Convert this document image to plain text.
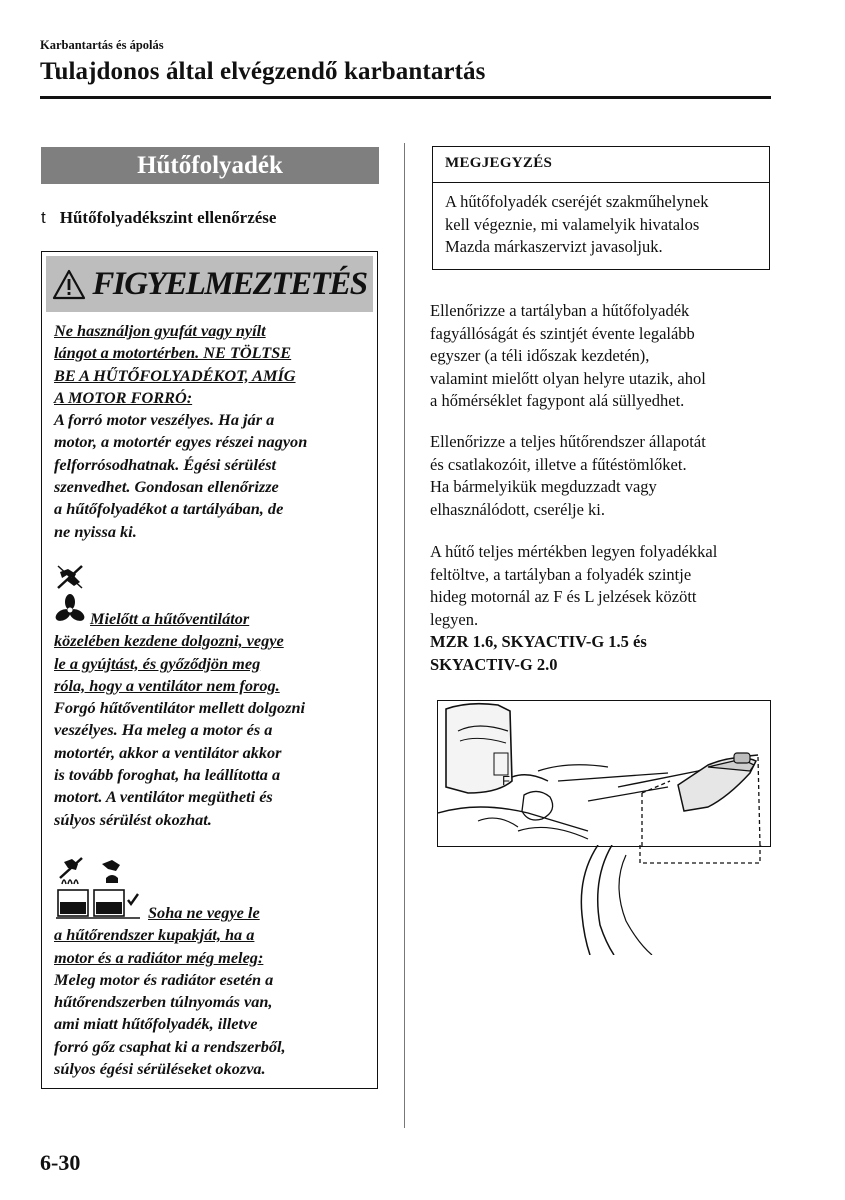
Karbantartás és ápolás
Tulajdonos által elvégzendő karbantartás
Hűtőfolyadék
t Hűtőfolyadékszint ellenőrzése
FIGYELMEZTETÉS
Ne használjon gyufát vagy nyílt
lángot a motortérben. NE TÖLTSE
BE A HŰTŐFOLYADÉKOT, AMÍG
A MOTOR FORRÓ:
A forró motor veszélyes. Ha jár a
motor, a motortér egyes részei nagyon
felforrósodhatnak. Égési sérülést
szenvedhet. Gondosan ellenőrizze
a hűtőfolyadékot a tartályában, de
ne nyissa ki.
Mielőtt a hűtőventilátor
közelében kezdene dolgozni, vegye
le a gyújtást, és győződjön meg
róla, hogy a ventilátor nem forog.
Forgó hűtőventilátor mellett dolgozni
veszélyes. Ha meleg a motor és a
motortér, akkor a ventilátor akkor
is tovább foroghat, ha leállította a
motort. A ventilátor megütheti és
súlyos sérülést okozhat.
Soha ne vegye le
a hűtőrendszer kupakját, ha a
motor és a radiátor még meleg:
Meleg motor és radiátor esetén a
hűtőrendszerben túlnyomás van,
ami miatt hűtőfolyadék, illetve
forró gőz csaphat ki a rendszerből,
súlyos égési sérüléseket okozva.
MEGJEGYZÉS
A hűtőfolyadék cseréjét szakműhelynek
kell végeznie, mi valamelyik hivatalos
Mazda márkaszervizt javasoljuk.
Ellenőrizze a tartályban a hűtőfolyadék
fagyállóságát és szintjét évente legalább
egyszer (a téli időszak kezdetén),
valamint mielőtt olyan helyre utazik, ahol
a hőmérséklet fagypont alá süllyedhet.
Ellenőrizze a teljes hűtőrendszer állapotát
és csatlakozóit, illetve a fűtéstömlőket.
Ha bármelyikük megduzzadt vagy
elhasználódott, cserélje ki.
A hűtő teljes mértékben legyen folyadékkal
feltöltve, a tartályban a folyadék szintje
hideg motornál az F és L jelzések között
legyen.
MZR 1.6, SKYACTIV-G 1.5 és
SKYACTIV-G 2.0
F
6-30
